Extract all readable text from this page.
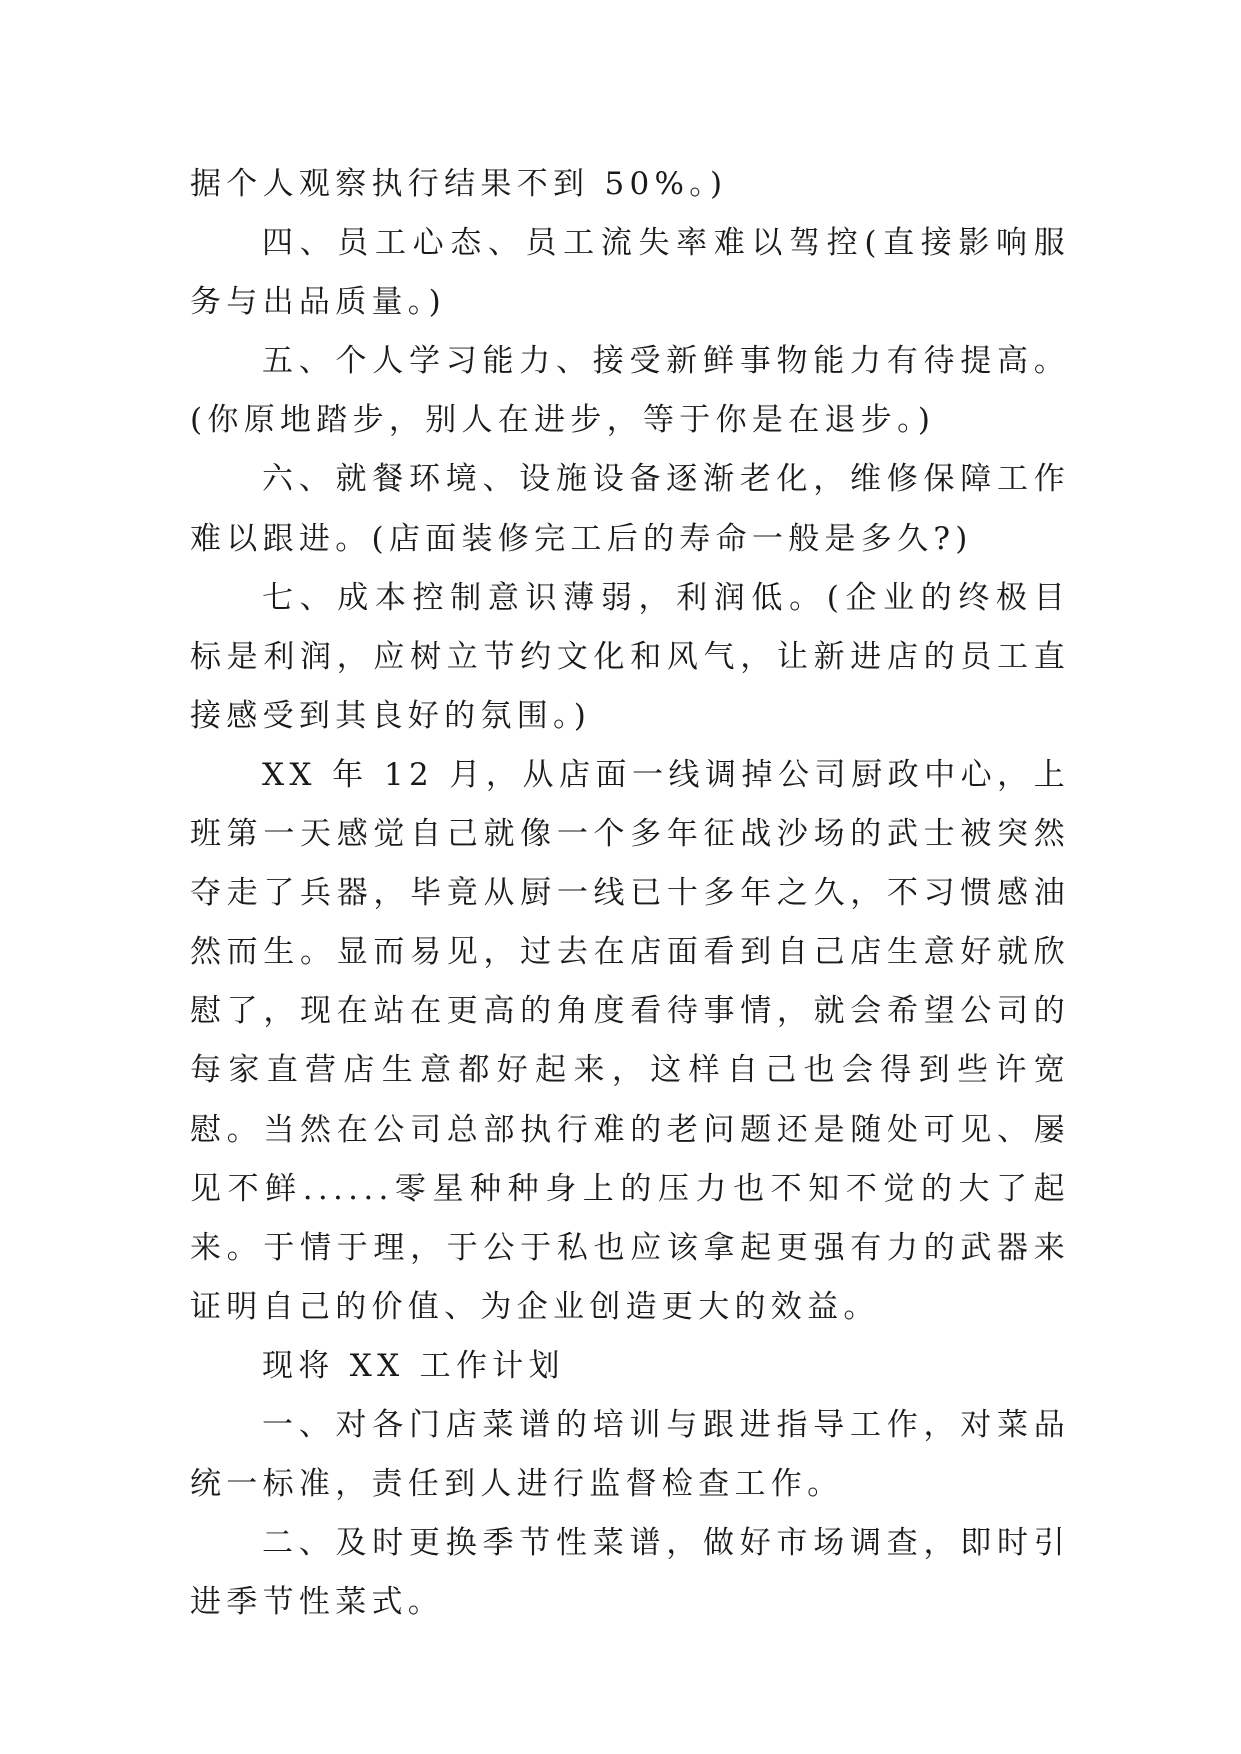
据个人观察执行结果不到 50%。)

四、员工心态、员工流失率难以驾控(直接影响服务与出品质量。)

五、个人学习能力、接受新鲜事物能力有待提高。(你原地踏步，别人在进步，等于你是在退步。)

六、就餐环境、设施设备逐渐老化，维修保障工作难以跟进。(店面装修完工后的寿命一般是多久?)

七、成本控制意识薄弱，利润低。(企业的终极目标是利润，应树立节约文化和风气，让新进店的员工直接感受到其良好的氛围。)

XX 年 12 月，从店面一线调掉公司厨政中心，上班第一天感觉自己就像一个多年征战沙场的武士被突然夺走了兵器，毕竟从厨一线已十多年之久，不习惯感油然而生。显而易见，过去在店面看到自己店生意好就欣慰了，现在站在更高的角度看待事情，就会希望公司的每家直营店生意都好起来，这样自己也会得到些许宽慰。当然在公司总部执行难的老问题还是随处可见、屡见不鲜......零星种种身上的压力也不知不觉的大了起来。于情于理，于公于私也应该拿起更强有力的武器来证明自己的价值、为企业创造更大的效益。

现将 XX 工作计划

一、对各门店菜谱的培训与跟进指导工作，对菜品统一标准，责任到人进行监督检查工作。

二、及时更换季节性菜谱，做好市场调查，即时引进季节性菜式。
